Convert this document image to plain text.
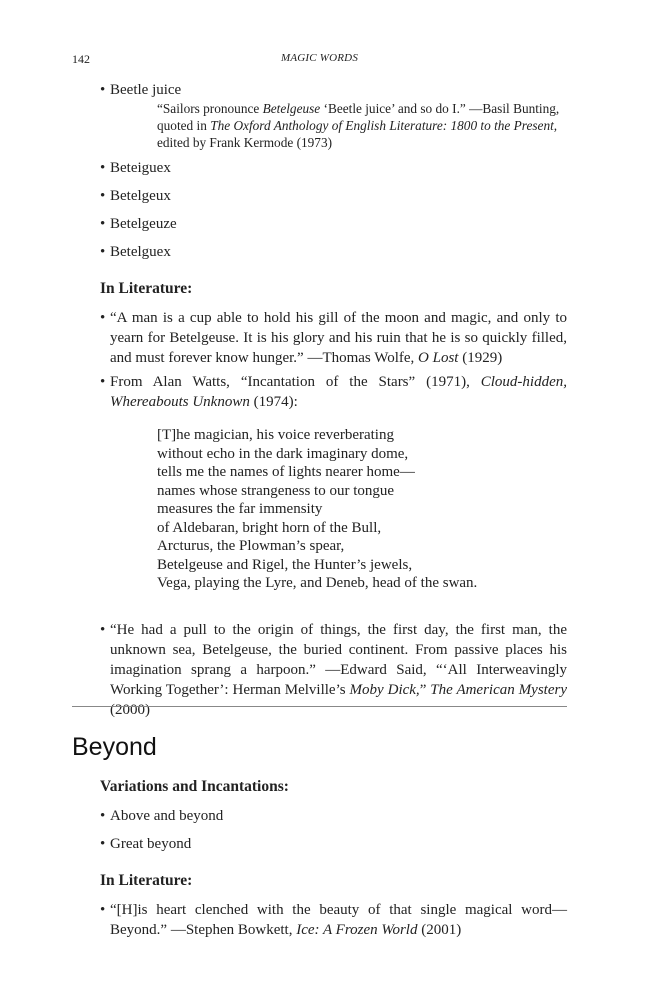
142	MAGIC WORDS
• Beetle juice
“Sailors pronounce Betelgeuse ‘Beetle juice’ and so do I.” —Basil Bunting, quoted in The Oxford Anthology of English Literature: 1800 to the Present, edited by Frank Kermode (1973)
• Beteiguex
• Betelgeux
• Betelgeuze
• Betelguex
In Literature:
• “A man is a cup able to hold his gill of the moon and magic, and only to yearn for Betelgeuse. It is his glory and his ruin that he is so quickly filled, and must forever know hunger.” —Thomas Wolfe, O Lost (1929)
• From Alan Watts, “Incantation of the Stars” (1971), Cloud-hidden, Whereabouts Unknown (1974):
[T]he magician, his voice reverberating
without echo in the dark imaginary dome,
tells me the names of lights nearer home—
names whose strangeness to our tongue
measures the far immensity
of Aldebaran, bright horn of the Bull,
Arcturus, the Plowman’s spear,
Betelgeuse and Rigel, the Hunter’s jewels,
Vega, playing the Lyre, and Deneb, head of the swan.
• “He had a pull to the origin of things, the first day, the first man, the unknown sea, Betelgeuse, the buried continent. From passive places his imagination sprang a harpoon.” —Edward Said, “‘All Interweavingly Working Together’: Herman Melville’s Moby Dick,” The American Mystery (2000)
Beyond
Variations and Incantations:
• Above and beyond
• Great beyond
In Literature:
• “[H]is heart clenched with the beauty of that single magical word—Beyond.” —Stephen Bowkett, Ice: A Frozen World (2001)
